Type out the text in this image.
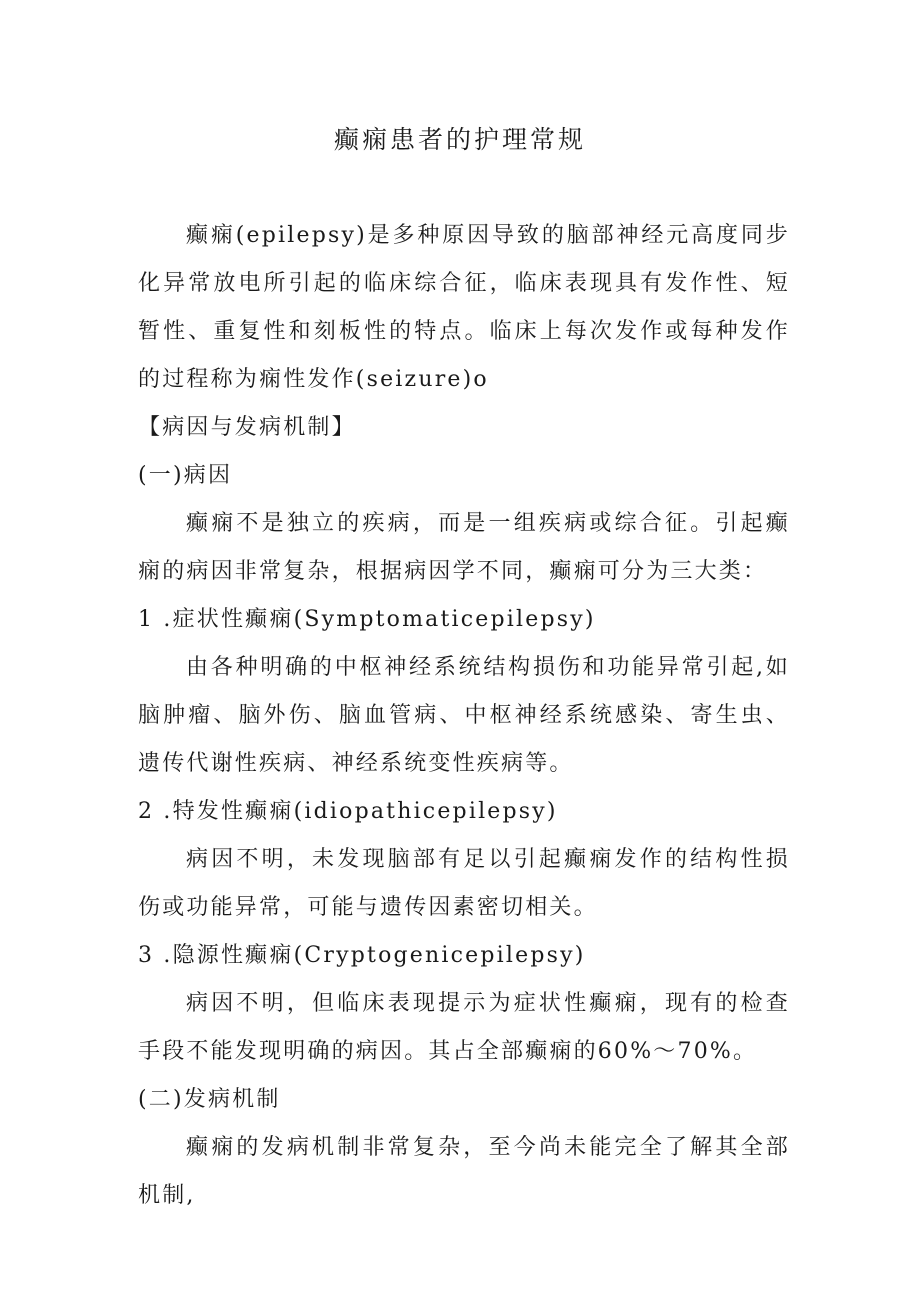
癫痫患者的护理常规

癫痫(epilepsy)是多种原因导致的脑部神经元高度同步化异常放电所引起的临床综合征，临床表现具有发作性、短暂性、重复性和刻板性的特点。临床上每次发作或每种发作的过程称为痫性发作(seizure)o

【病因与发病机制】

(一)病因

癫痫不是独立的疾病，而是一组疾病或综合征。引起癫痫的病因非常复杂，根据病因学不同，癫痫可分为三大类：

1 .症状性癫痫(Symptomaticepilepsy)

由各种明确的中枢神经系统结构损伤和功能异常引起,如脑肿瘤、脑外伤、脑血管病、中枢神经系统感染、寄生虫、遗传代谢性疾病、神经系统变性疾病等。

2 .特发性癫痫(idiopathicepilepsy)

病因不明，未发现脑部有足以引起癫痫发作的结构性损伤或功能异常，可能与遗传因素密切相关。

3 .隐源性癫痫(Cryptogenicepilepsy)

病因不明，但临床表现提示为症状性癫痫，现有的检查手段不能发现明确的病因。其占全部癫痫的60%〜70%。

(二)发病机制

癫痫的发病机制非常复杂，至今尚未能完全了解其全部机制,
